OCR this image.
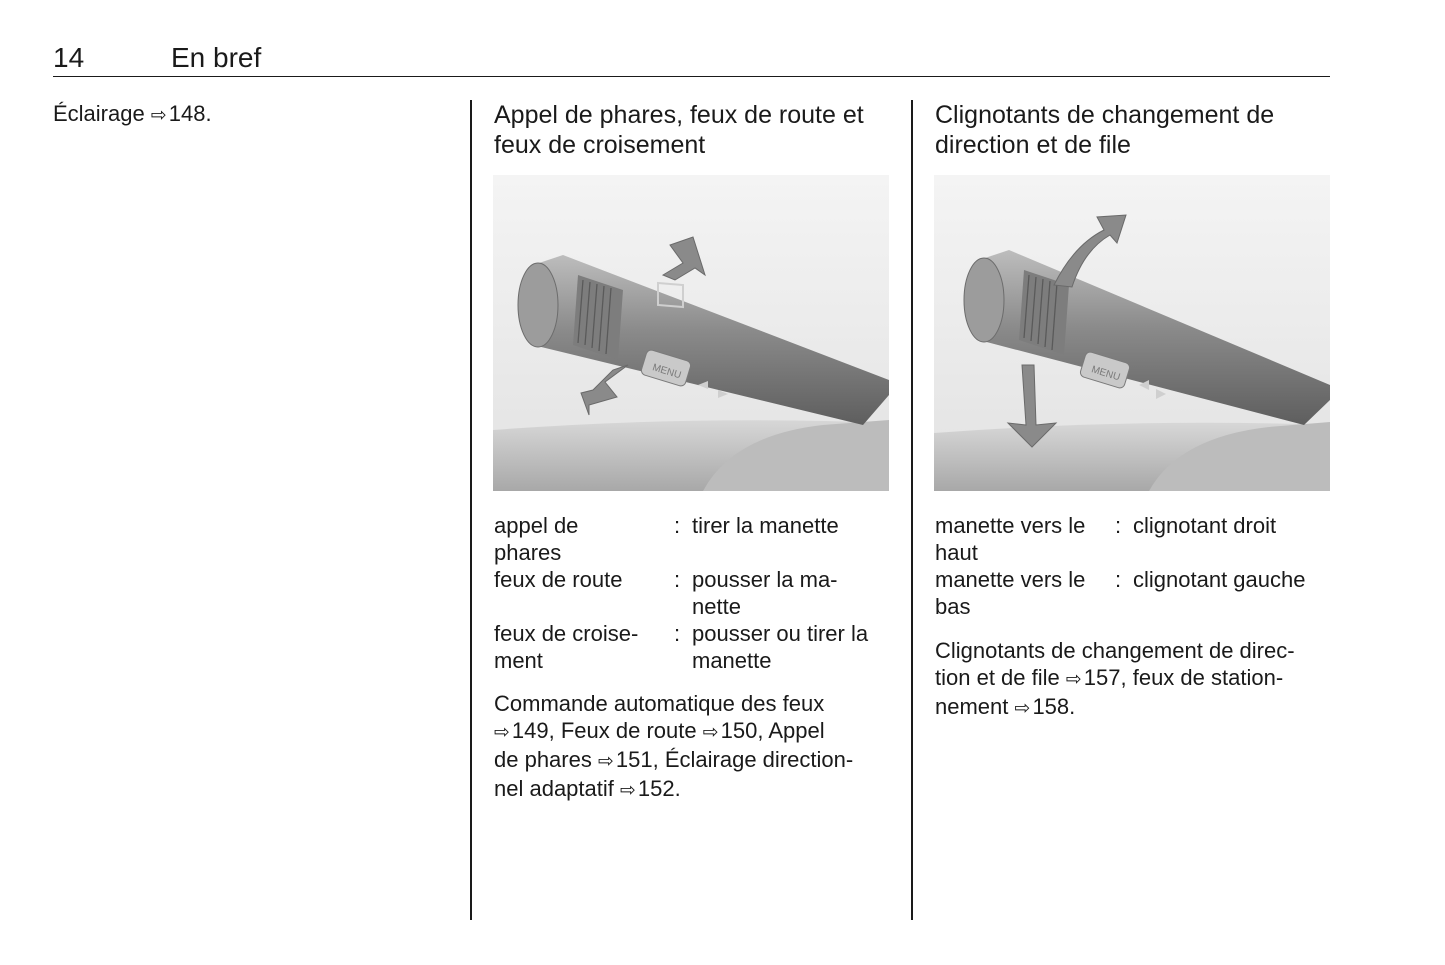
14	En bref
Éclairage ⇨148.	Appel de phares, feux de route et
feux de croisement
MENU
appel de
phares
: tirer la manette
feux de route : pousser la ma-
nette
feux de croise-
ment
: pousser ou tirer la
manette
Commande automatique des feux
⇨149, Feux de route ⇨150, Appel
de phares ⇨151, Éclairage direction-
nel adaptatif ⇨152.
Clignotants de changement de
direction et de file
MENU
manette vers le
haut
: clignotant droit
manette vers le
bas
: clignotant gauche
Clignotants de changement de direc-
tion et de file ⇨157, feux de station-
nement ⇨158.
